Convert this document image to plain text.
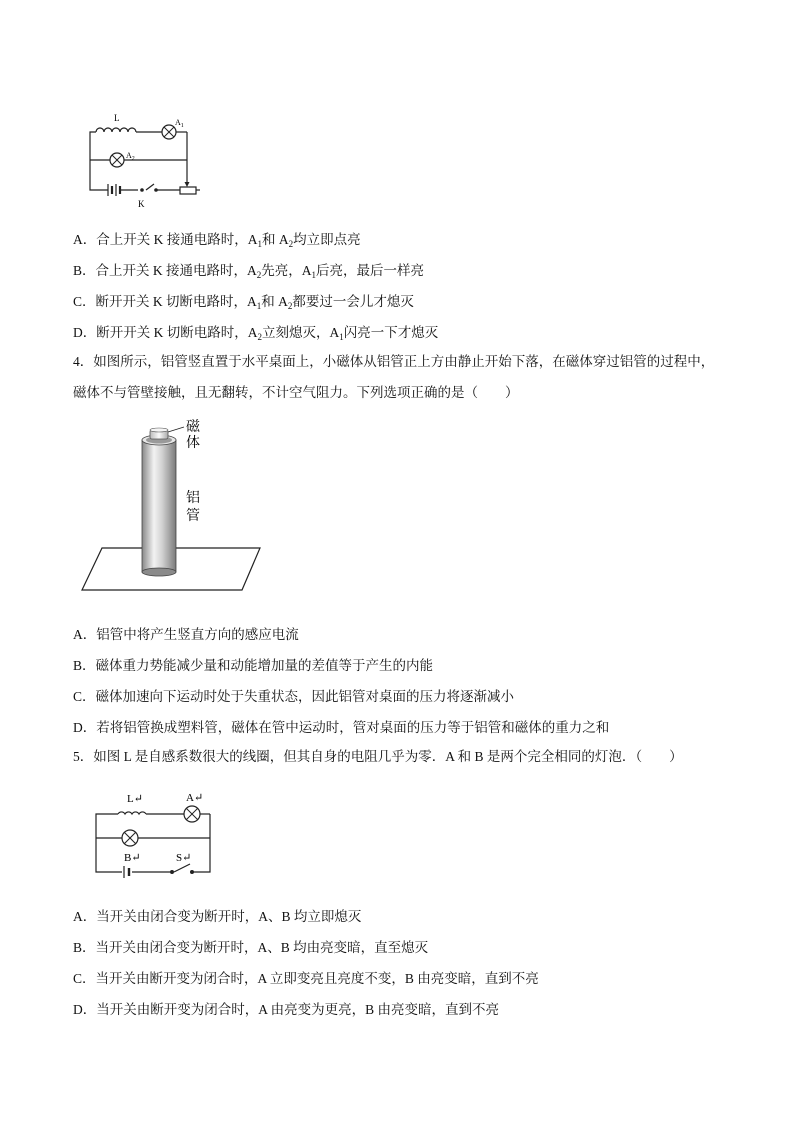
L	$A_1$
$A_2$
K
A．合上开关 K 接通电路时，$A_1$和 $A_2$均立即点亮
B．合上开关 K 接通电路时，$A_2$先亮，$A_1$后亮，最后一样亮
C．断开开关 K 切断电路时，$A_1$和 $A_2$都要过一会儿才熄灭
D．断开开关 K 切断电路时，$A_2$立刻熄灭，$A_1$闪亮一下才熄灭
4．如图所示，铝管竖直置于水平桌面上，小磁体从铝管正上方由静止开始下落，在磁体穿过铝管的过程中，磁体不与管壁接触，且无翻转，不计空气阻力。下列选项正确的是（　　）
磁
体
铝
管
A．铝管中将产生竖直方向的感应电流
B．磁体重力势能减少量和动能增加量的差值等于产生的内能
C．磁体加速向下运动时处于失重状态，因此铝管对桌面的压力将逐渐减小
D．若将铝管换成塑料管，磁体在管中运动时，管对桌面的压力等于铝管和磁体的重力之和
5．如图 L 是自感系数很大的线圈，但其自身的电阻几乎为零．A 和 B 是两个完全相同的灯泡．（　　）
L↵	A↵
B↵	S↵
A．当开关由闭合变为断开时，A、B 均立即熄灭
B．当开关由闭合变为断开时，A、B 均由亮变暗，直至熄灭
C．当开关由断开变为闭合时，A 立即变亮且亮度不变，B 由亮变暗，直到不亮
D．当开关由断开变为闭合时，A 由亮变为更亮，B 由亮变暗，直到不亮
